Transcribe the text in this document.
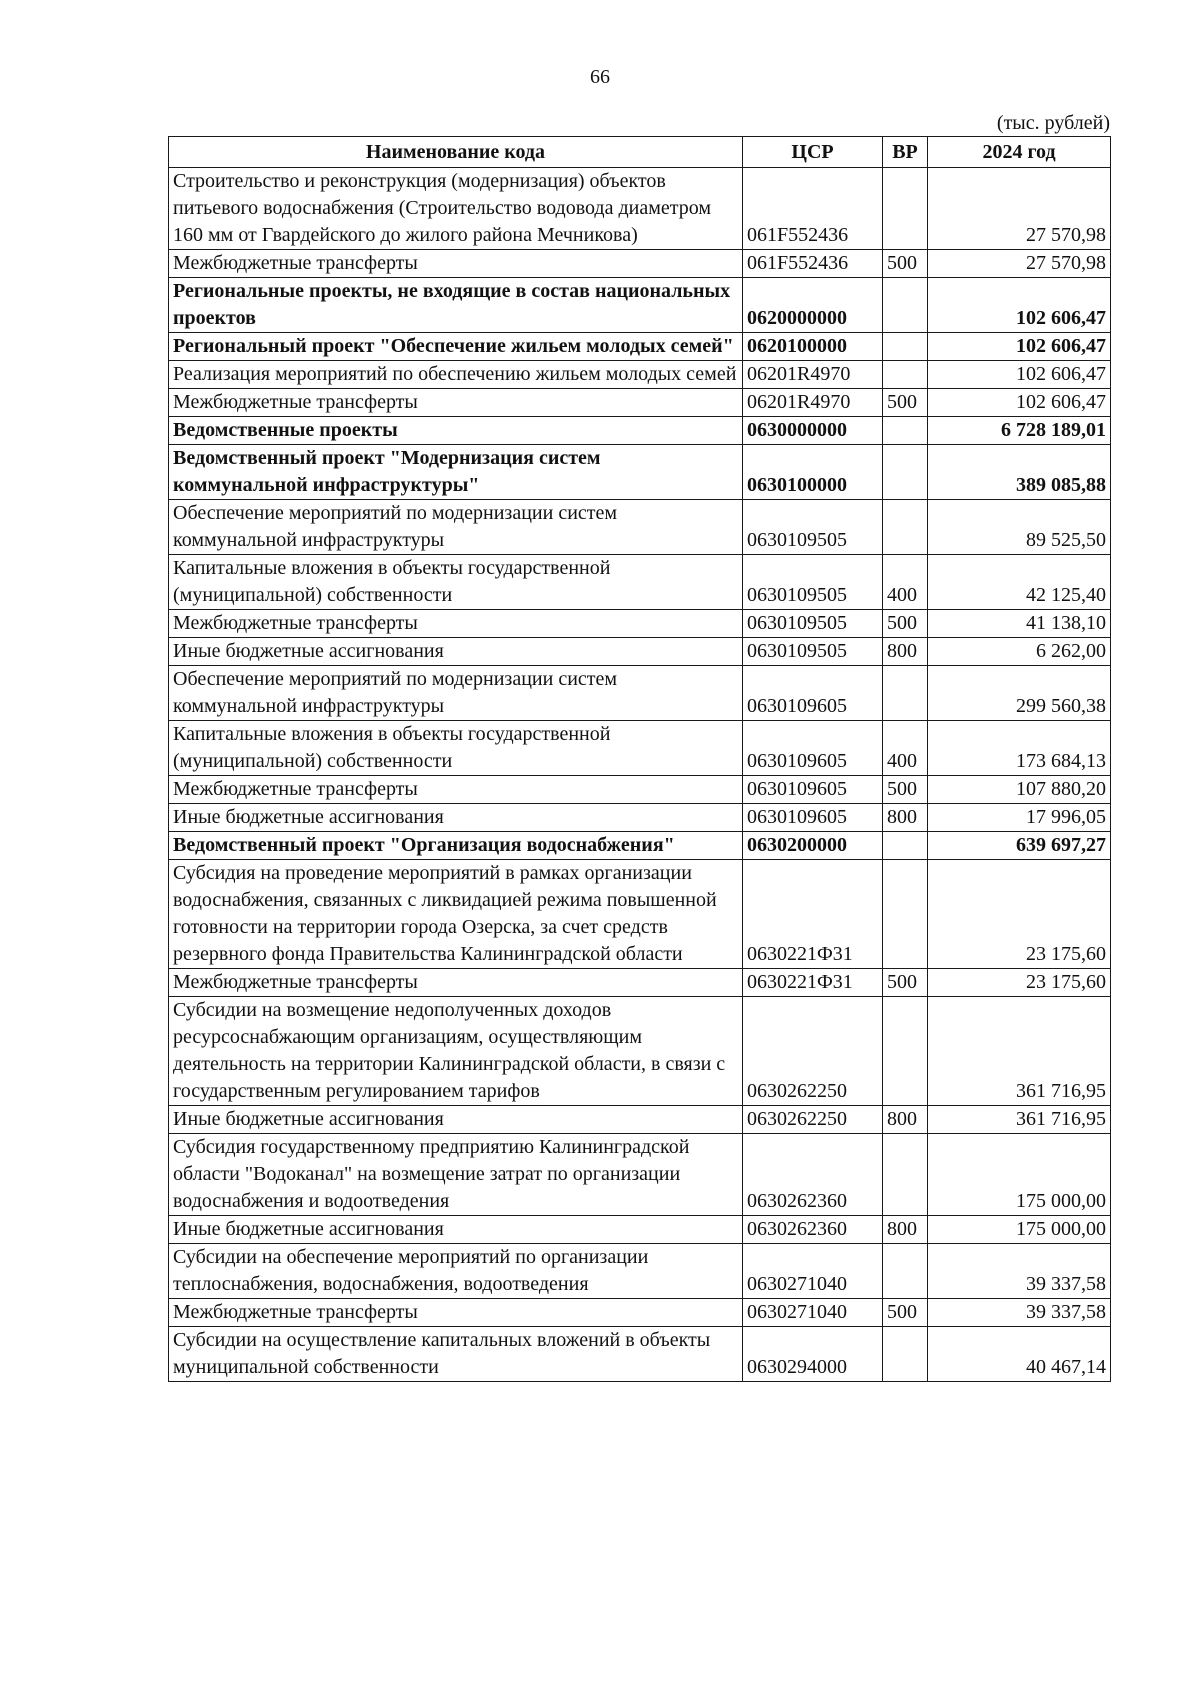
66
(тыс. рублей)
Наименование кода	ЦСР	ВР	2024 год
Строительство и реконструкция (модернизация) объектов питьевого водоснабжения (Строительство водовода диаметром 160 мм от Гвардейского до жилого района Мечникова)	061F552436		27 570,98
Межбюджетные трансферты	061F552436	500	27 570,98
Региональные проекты, не входящие в состав национальных проектов	0620000000		102 606,47
Региональный проект "Обеспечение жильем молодых семей"	0620100000		102 606,47
Реализация мероприятий по обеспечению жильем молодых семей	06201R4970		102 606,47
Межбюджетные трансферты	06201R4970	500	102 606,47
Ведомственные проекты	0630000000		6 728 189,01
Ведомственный проект "Модернизация систем коммунальной инфраструктуры"	0630100000		389 085,88
Обеспечение мероприятий по модернизации систем коммунальной инфраструктуры	0630109505		89 525,50
Капитальные вложения в объекты государственной (муниципальной) собственности	0630109505	400	42 125,40
Межбюджетные трансферты	0630109505	500	41 138,10
Иные бюджетные ассигнования	0630109505	800	6 262,00
Обеспечение мероприятий по модернизации систем коммунальной инфраструктуры	0630109605		299 560,38
Капитальные вложения в объекты государственной (муниципальной) собственности	0630109605	400	173 684,13
Межбюджетные трансферты	0630109605	500	107 880,20
Иные бюджетные ассигнования	0630109605	800	17 996,05
Ведомственный проект "Организация водоснабжения"	0630200000		639 697,27
Субсидия на проведение мероприятий в рамках организации водоснабжения, связанных с ликвидацией режима повышенной готовности на территории города Озерска, за счет средств резервного фонда Правительства Калининградской области	0630221Ф31		23 175,60
Межбюджетные трансферты	0630221Ф31	500	23 175,60
Субсидии на возмещение недополученных доходов ресурсоснабжающим организациям, осуществляющим деятельность на территории Калининградской области, в связи с государственным регулированием тарифов	0630262250		361 716,95
Иные бюджетные ассигнования	0630262250	800	361 716,95
Субсидия государственному предприятию Калининградской области "Водоканал" на возмещение затрат по организации водоснабжения и водоотведения	0630262360		175 000,00
Иные бюджетные ассигнования	0630262360	800	175 000,00
Субсидии на обеспечение мероприятий по организации теплоснабжения, водоснабжения, водоотведения	0630271040		39 337,58
Межбюджетные трансферты	0630271040	500	39 337,58
Субсидии на осуществление капитальных вложений в объекты муниципальной собственности	0630294000		40 467,14
